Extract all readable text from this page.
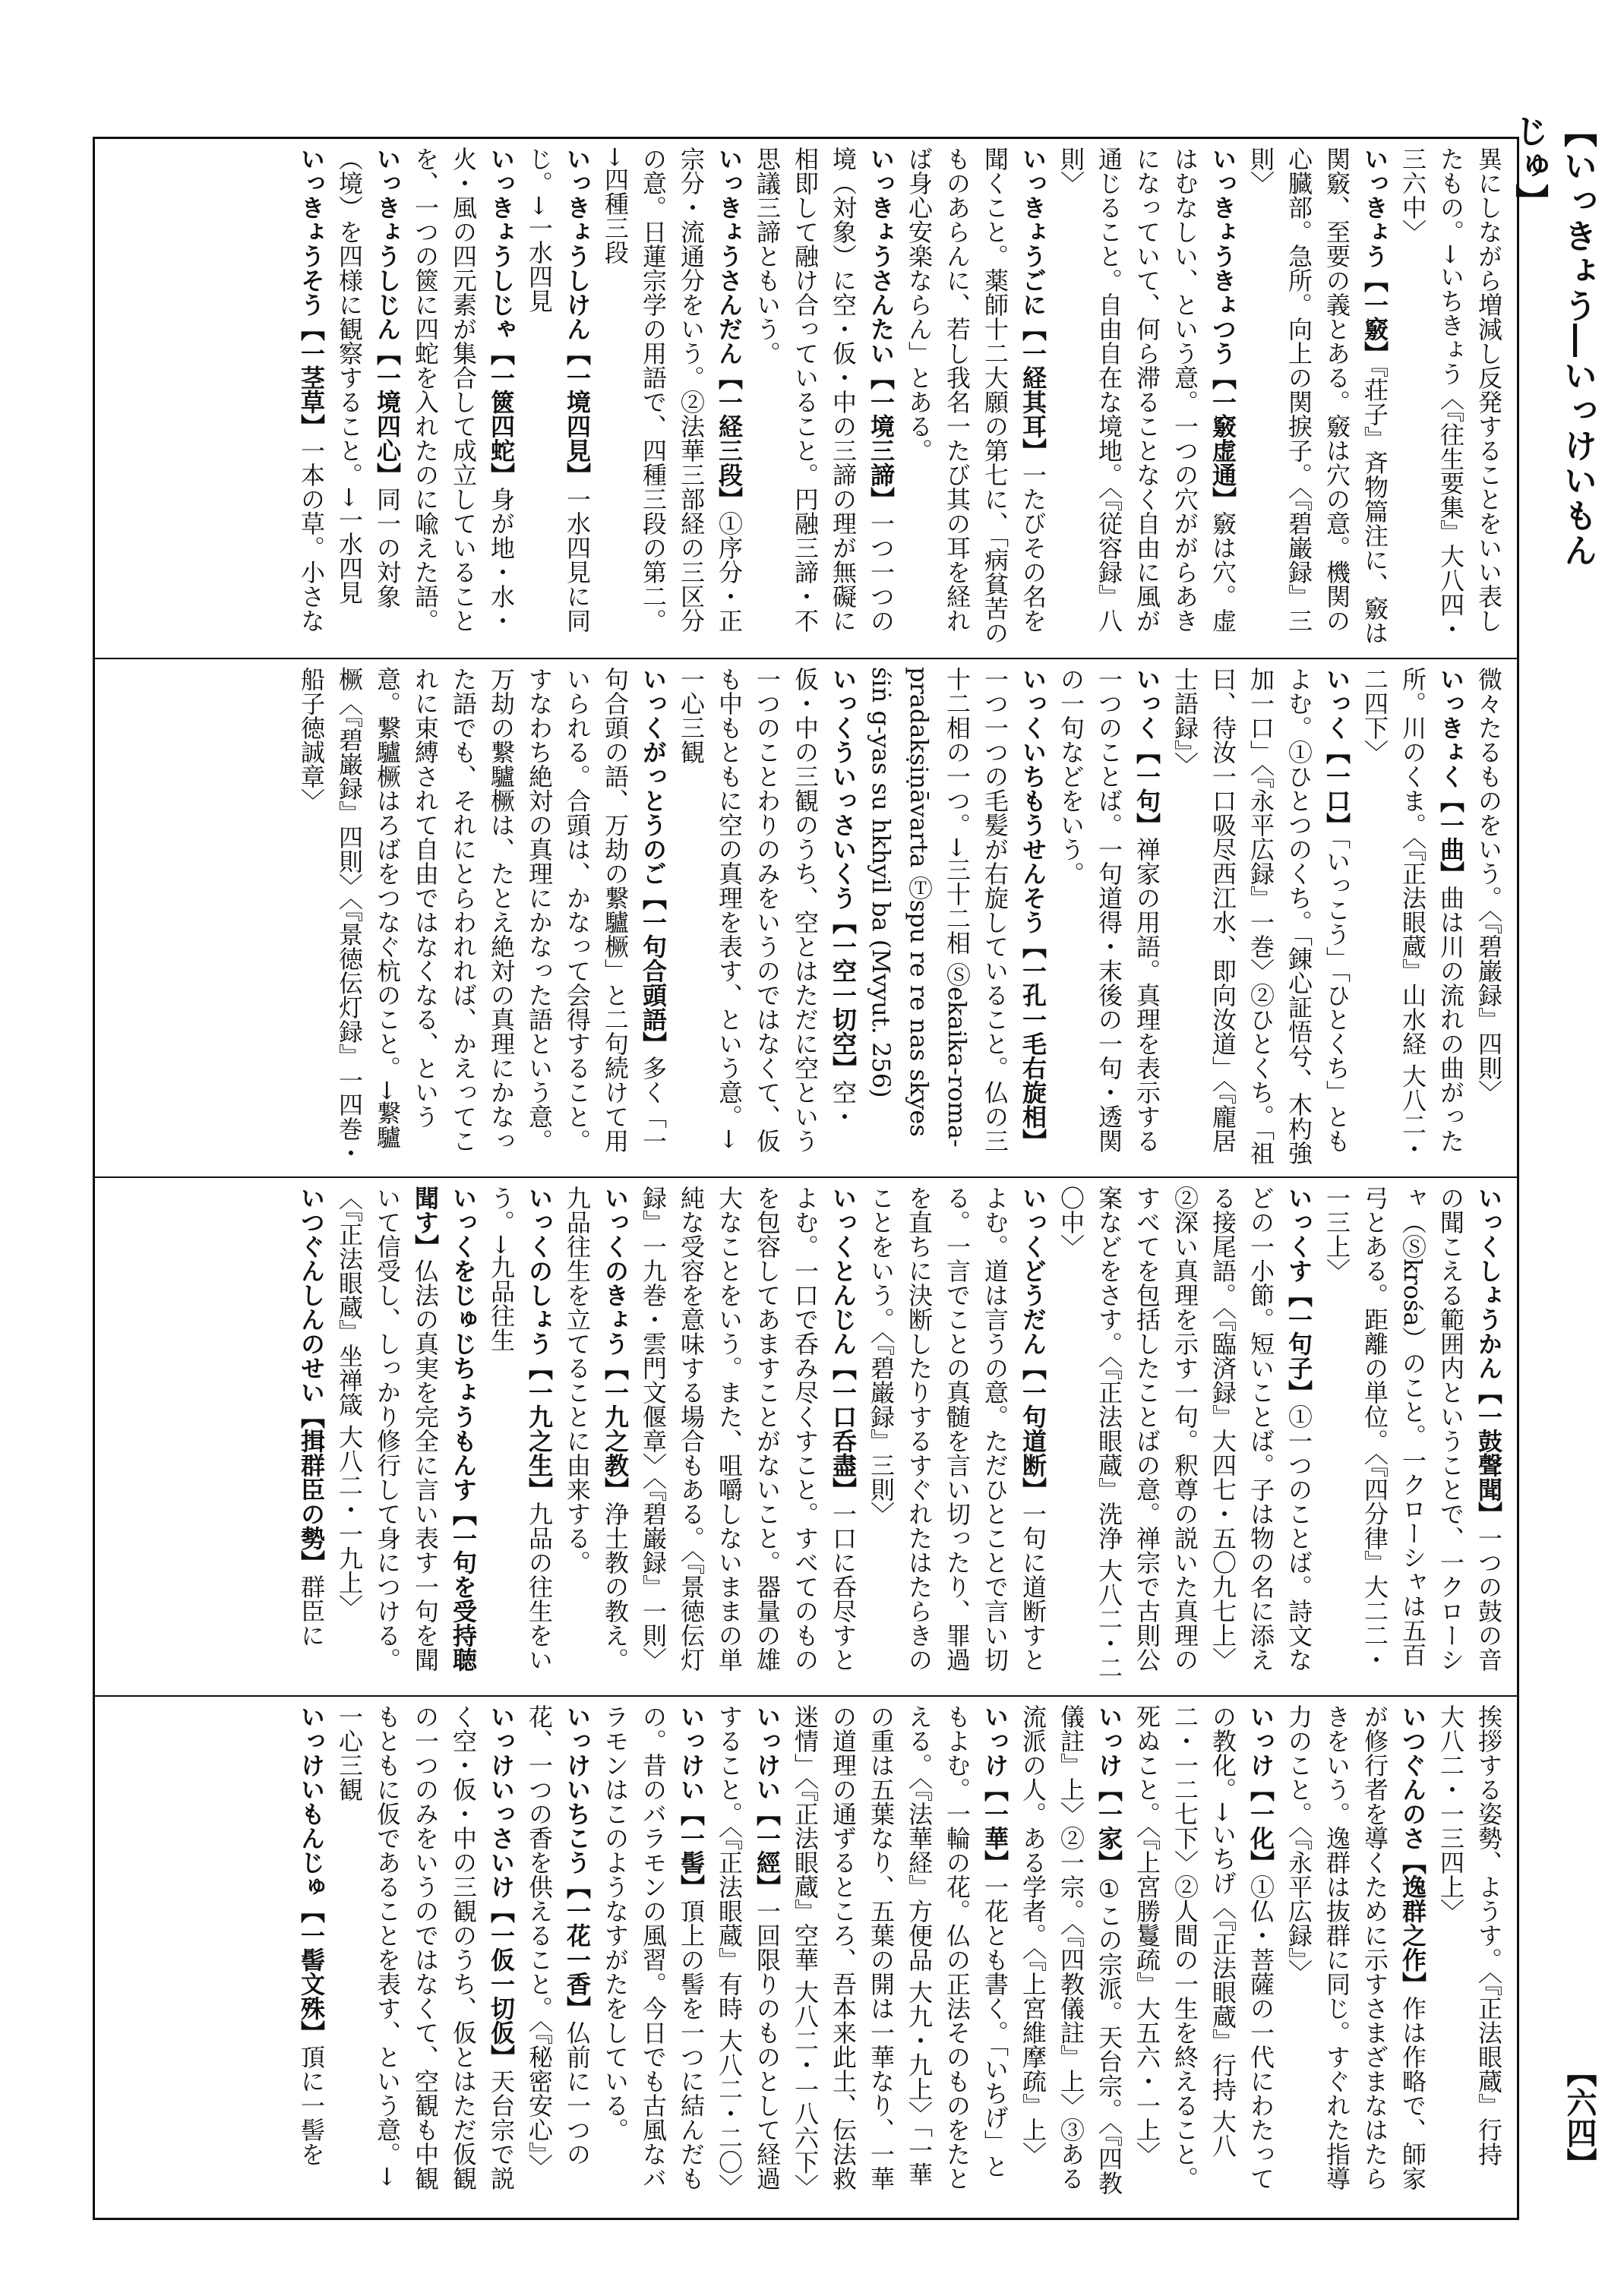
【いっきょう―いっけいもんじゅ】
異にしながら増減し反発することをいい表したもの。→いちきょう〈『往生要集』大八四・三六中〉
いっきょう【一竅】『荘子』斉物篇注に、竅は関竅、至要の義とある。竅は穴の意。機関の心臓部。急所。向上の関捩子。〈『碧巌録』三則〉
いっきょうきょつう【一竅虚通】竅は穴。虚はむなしい、という意。一つの穴ががらあきになっていて、何ら滞ることなく自由に風が通じること。自由自在な境地。〈『従容録』八則〉
いっきょうごに【一経其耳】一たびその名を聞くこと。薬師十二大願の第七に、「病貧苦のものあらんに、若し我名一たび其の耳を経れば身心安楽ならん」とある。
いっきょうさんたい【一境三諦】一つ一つの境（対象）に空・仮・中の三諦の理が無礙に相即して融け合っていること。円融三諦・不思議三諦ともいう。
いっきょうさんだん【一経三段】①序分・正宗分・流通分をいう。②法華三部経の三区分の意。日蓮宗学の用語で、四種三段の第二。→四種三段
いっきょうしけん【一境四見】一水四見に同じ。→一水四見
いっきょうしじゃ【一篋四蛇】身が地・水・火・風の四元素が集合して成立していることを、一つの篋に四蛇を入れたのに喩えた語。
いっきょうしじん【一境四心】同一の対象（境）を四様に観察すること。→一水四見
いっきょうそう【一茎草】一本の草。小さな
微々たるものをいう。〈『碧巌録』四則〉
いっきょく【一曲】曲は川の流れの曲がった所。川のくま。〈『正法眼蔵』山水経 大八二・二四下〉
いっく【一口】「いっこう」「ひとくち」ともよむ。①ひとつのくち。「錬心証悟兮、木杓強加一口」〈『永平広録』一巻〉②ひとくち。「祖曰、待汝一口吸尽西江水、即向汝道」〈『龐居士語録』〉
いっく【一句】禅家の用語。真理を表示する一つのことば。一句道得・末後の一句・透関の一句などをいう。
いっくいちもうせんそう【一孔一毛右旋相】一つ一つの毛髪が右旋していること。仏の三十二相の一つ。→三十二相 Ⓢekaika-roma-pradakṣiṇāvarta Ⓣspu re re nas skyes śiṅ g-yas su hkhyil ba (Mvyut. 256)
いっくういっさいくう【一空一切空】空・仮・中の三観のうち、空とはただに空という一つのことわりのみをいうのではなくて、仮も中もともに空の真理を表す、という意。→一心三観
いっくがっとうのご【一句合頭語】多く「一句合頭の語、万劫の繋驢橛」と二句続けて用いられる。合頭は、かなって会得すること。すなわち絶対の真理にかなった語という意。万劫の繋驢橛は、たとえ絶対の真理にかなった語でも、それにとらわれれば、かえってこれに束縛されて自由ではなくなる、という意。繋驢橛はろばをつなぐ杭のこと。→繋驢橛〈『碧巌録』四則〉〈『景徳伝灯録』一四巻・船子徳誠章〉
いっくしょうかん【一鼓聲聞】一つの鼓の音の聞こえる範囲内ということで、一クローシャ（Ⓢkrośa）のこと。一クローシャは五百弓とある。距離の単位。〈『四分律』大二二・一三上〉
いっくす【一句子】①一つのことば。詩文などの一小節。短いことば。子は物の名に添える接尾語。〈『臨済録』大四七・五〇九七上〉②深い真理を示す一句。釈尊の説いた真理のすべてを包括したことばの意。禅宗で古則公案などをさす。〈『正法眼蔵』洗浄 大八二・二〇中〉
いっくどうだん【一句道断】一句に道断すとよむ。道は言うの意。ただひとことで言い切る。一言でことの真髄を言い切ったり、罪過を直ちに決断したりするすぐれたはたらきのことをいう。〈『碧巌録』三則〉
いっくとんじん【一口呑盡】一口に呑尽すとよむ。一口で呑み尽くすこと。すべてのものを包容してあますことがないこと。器量の雄大なことをいう。また、咀嚼しないままの単純な受容を意味する場合もある。〈『景徳伝灯録』一九巻・雲門文偃章〉〈『碧巌録』一則〉
いっくのきょう【一九之教】浄土教の教え。九品往生を立てることに由来する。
いっくのしょう【一九之生】九品の往生をいう。→九品往生
いっくをじゅじちょうもんす【一句を受持聴聞す】仏法の真実を完全に言い表す一句を聞いて信受し、しっかり修行して身につける。〈『正法眼蔵』坐禅箴 大八二・一九上〉
いつぐんしんのせい【揖群臣の勢】群臣に
挨拶する姿勢、ようす。〈『正法眼蔵』行持 大八二・一三四上〉
いつぐんのさ【逸群之作】作は作略で、師家が修行者を導くために示すさまざまなはたらきをいう。逸群は抜群に同じ。すぐれた指導力のこと。〈『永平広録』〉
いっけ【一化】①仏・菩薩の一代にわたっての教化。→いちげ〈『正法眼蔵』行持 大八二・一二七下〉②人間の一生を終えること。死ぬこと。〈『上宮勝鬘疏』大五六・一上〉
いっけ【一家】①この宗派。天台宗。〈『四教儀註』上〉②一宗。〈『四教儀註』上〉③ある流派の人。ある学者。〈『上宮維摩疏』上〉
いっけ【一華】一花とも書く。「いちげ」ともよむ。一輪の花。仏の正法そのものをたとえる。〈『法華経』方便品 大九・九上〉「一華の重は五葉なり、五葉の開は一華なり、一華の道理の通ずるところ、吾本来此土、伝法救迷情」〈『正法眼蔵』空華 大八二・一八六下〉
いっけい【一經】一回限りのものとして経過すること。〈『正法眼蔵』有時 大八二・二〇〉
いっけい【一髻】頂上の髻を一つに結んだもの。昔のバラモンの風習。今日でも古風なバラモンはこのようなすがたをしている。
いっけいちこう【一花一香】仏前に一つの花、一つの香を供えること。〈『秘密安心』〉
いっけいっさいけ【一仮一切仮】天台宗で説く空・仮・中の三観のうち、仮とはただ仮観の一つのみをいうのではなくて、空観も中観もともに仮であることを表す、という意。→一心三観
いっけいもんじゅ【一髻文殊】頂に一髻を	【六四】
